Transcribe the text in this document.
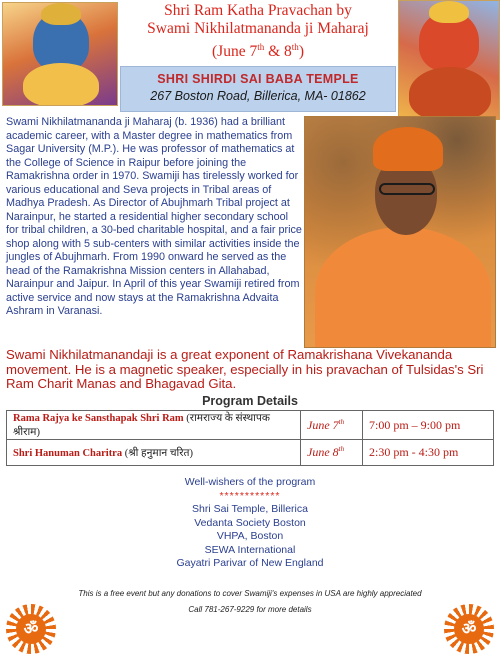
Shri Ram Katha Pravachan by
Swami Nikhilatmananda ji Maharaj
(June 7th & 8th)
SHRI SHIRDI SAI BABA TEMPLE
267 Boston Road, Billerica, MA- 01862
Swami Nikhilatmananda ji Maharaj (b. 1936) had a brilliant academic career, with a Master degree in mathematics from Sagar University (M.P.). He was professor of mathematics at the College of Science in Raipur before joining the Ramakrishna order in 1970. Swamiji has tirelessly worked for various educational and Seva projects in Tribal areas of Madhya Pradesh. As Director of Abujhmarh Tribal project at Narainpur, he started a residential higher secondary school for tribal children, a 30-bed charitable hospital, and a fair price shop along with 5 sub-centers with similar activities inside the jungles of Abujhmarh. From 1990 onward he served as the head of the Ramakrishna Mission centers in Allahabad, Narainpur and Jaipur. In April of this year Swamiji retired from active service and now stays at the Ramakrishna Advaita Ashram in Varanasi.
Swami Nikhilatmanandaji is a great exponent of Ramakrishana Vivekananda movement. He is a magnetic speaker, especially in his pravachan of Tulsidas's Sri Ram Charit Manas and Bhagavad Gita.
Program Details
Rama Rajya ke Sansthapak Shri Ram (रामराज्य के संस्थापक श्रीराम)	June 7th	7:00 pm – 9:00 pm
Shri Hanuman Charitra (श्री हनुमान चरित)	June 8th	2:30 pm - 4:30 pm
Well-wishers of the program
************
Shri Sai Temple, Billerica
Vedanta Society Boston
VHPA, Boston
SEWA International
Gayatri Parivar of New England
This is a free event but any donations to cover Swamiji's expenses in USA are highly appreciated
Call 781-267-9229 for more details
ॐ	ॐ
